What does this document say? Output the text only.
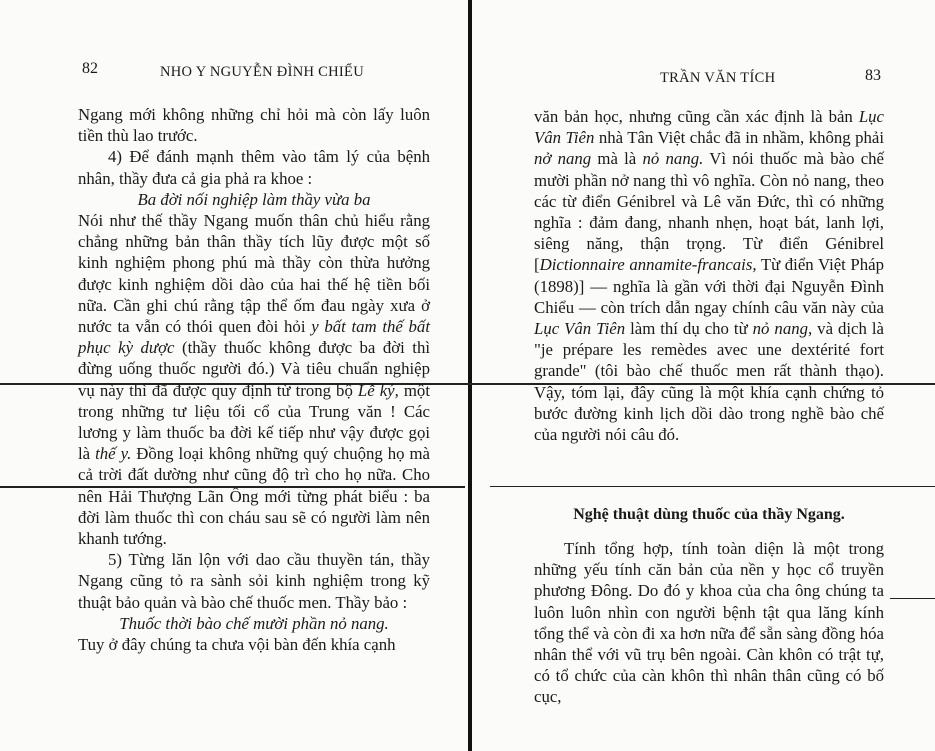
82	NHO Y NGUYỄN ĐÌNH CHIỂU

Ngang mới không những chỉ hỏi mà còn lấy luôn tiền thù lao trước.

4) Để đánh mạnh thêm vào tâm lý của bệnh nhân, thầy đưa cả gia phả ra khoe :

Ba đời nối nghiệp làm thầy vừa ba

Nói như thế thầy Ngang muốn thân chủ hiểu rằng chẳng những bản thân thầy tích lũy được một số kinh nghiệm phong phú mà thầy còn thừa hưởng được kinh nghiệm dồi dào của hai thế hệ tiền bối nữa. Cần ghi chú rằng tập thể ốm đau ngày xưa ở nước ta vẫn có thói quen đòi hỏi y bất tam thế bất phục kỳ dược (thầy thuốc không được ba đời thì đừng uống thuốc người đó.) Và tiêu chuẩn nghiệp vụ này thì đã được quy định từ trong bộ Lễ ký, một trong những tư liệu tối cổ của Trung văn ! Các lương y làm thuốc ba đời kế tiếp như vậy được gọi là thế y. Đồng loại không những quý chuộng họ mà cả trời đất dường như cũng độ trì cho họ nữa. Cho nên Hải Thượng Lãn Ông mới từng phát biểu : ba đời làm thuốc thì con cháu sau sẽ có người làm nên khanh tướng.

5) Từng lăn lộn với dao cầu thuyền tán, thầy Ngang cũng tỏ ra sành sỏi kinh nghiệm trong kỹ thuật bảo quản và bào chế thuốc men. Thầy bảo :

Thuốc thời bào chế mười phần nỏ nang.

Tuy ở đây chúng ta chưa vội bàn đến khía cạnh

TRẦN VĂN TÍCH	83

văn bản học, nhưng cũng cần xác định là bản Lục Vân Tiên nhà Tân Việt chắc đã in nhầm, không phải nở nang mà là nỏ nang. Vì nói thuốc mà bào chế mười phần nở nang thì vô nghĩa. Còn nỏ nang, theo các từ điển Génibrel và Lê văn Đức, thì có những nghĩa : đảm đang, nhanh nhẹn, hoạt bát, lanh lợi, siêng năng, thận trọng. Từ điển Génibrel [Dictionnaire annamite-francais, Từ điển Việt Pháp (1898)] — nghĩa là gần với thời đại Nguyễn Đình Chiểu — còn trích dẫn ngay chính câu văn này của Lục Vân Tiên làm thí dụ cho từ nỏ nang, và dịch là "je prépare les remèdes avec une dextérité fort grande" (tôi bào chế thuốc men rất thành thạo). Vậy, tóm lại, đây cũng là một khía cạnh chứng tỏ bước đường kinh lịch dồi dào trong nghề bào chế của người nói câu đó.

Nghệ thuật dùng thuốc của thầy Ngang.

Tính tổng hợp, tính toàn diện là một trong những yếu tính căn bản của nền y học cổ truyền phương Đông. Do đó y khoa của cha ông chúng ta luôn luôn nhìn con người bệnh tật qua lăng kính tổng thể và còn đi xa hơn nữa để sẵn sàng đồng hóa nhân thể với vũ trụ bên ngoài. Càn khôn có trật tự, có tổ chức của càn khôn thì nhân thân cũng có bố cục,
